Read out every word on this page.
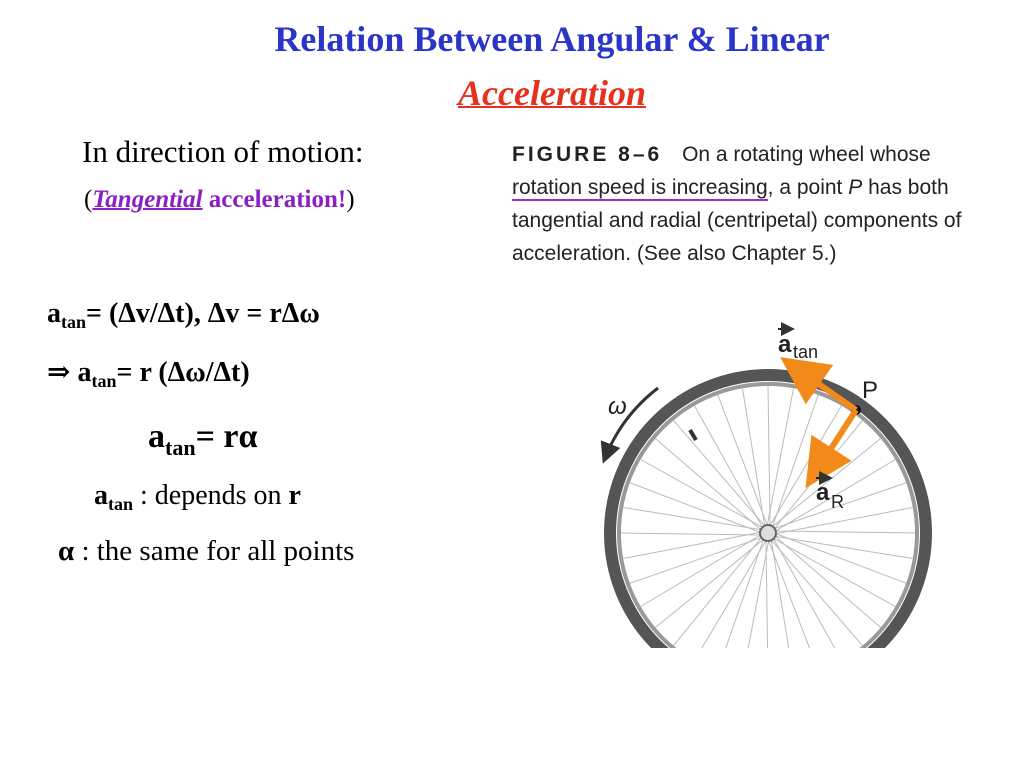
Relation Between Angular & Linear
Acceleration
In direction of motion:
(Tangential acceleration!)
$a_{tan}= (\Delta v/\Delta t)$, Δv = rΔω
⇒ $a_{tan}= r$ (Δω/Δt)
$a_{tan}= r\alpha$
$a_{tan}$ : depends on r
α : the same for all points
FIGURE 8–6 On a rotating wheel whose rotation speed is increasing, a point P has both tangential and radial (centripetal) components of acceleration. (See also Chapter 5.)
ω
P
a tan
a R
